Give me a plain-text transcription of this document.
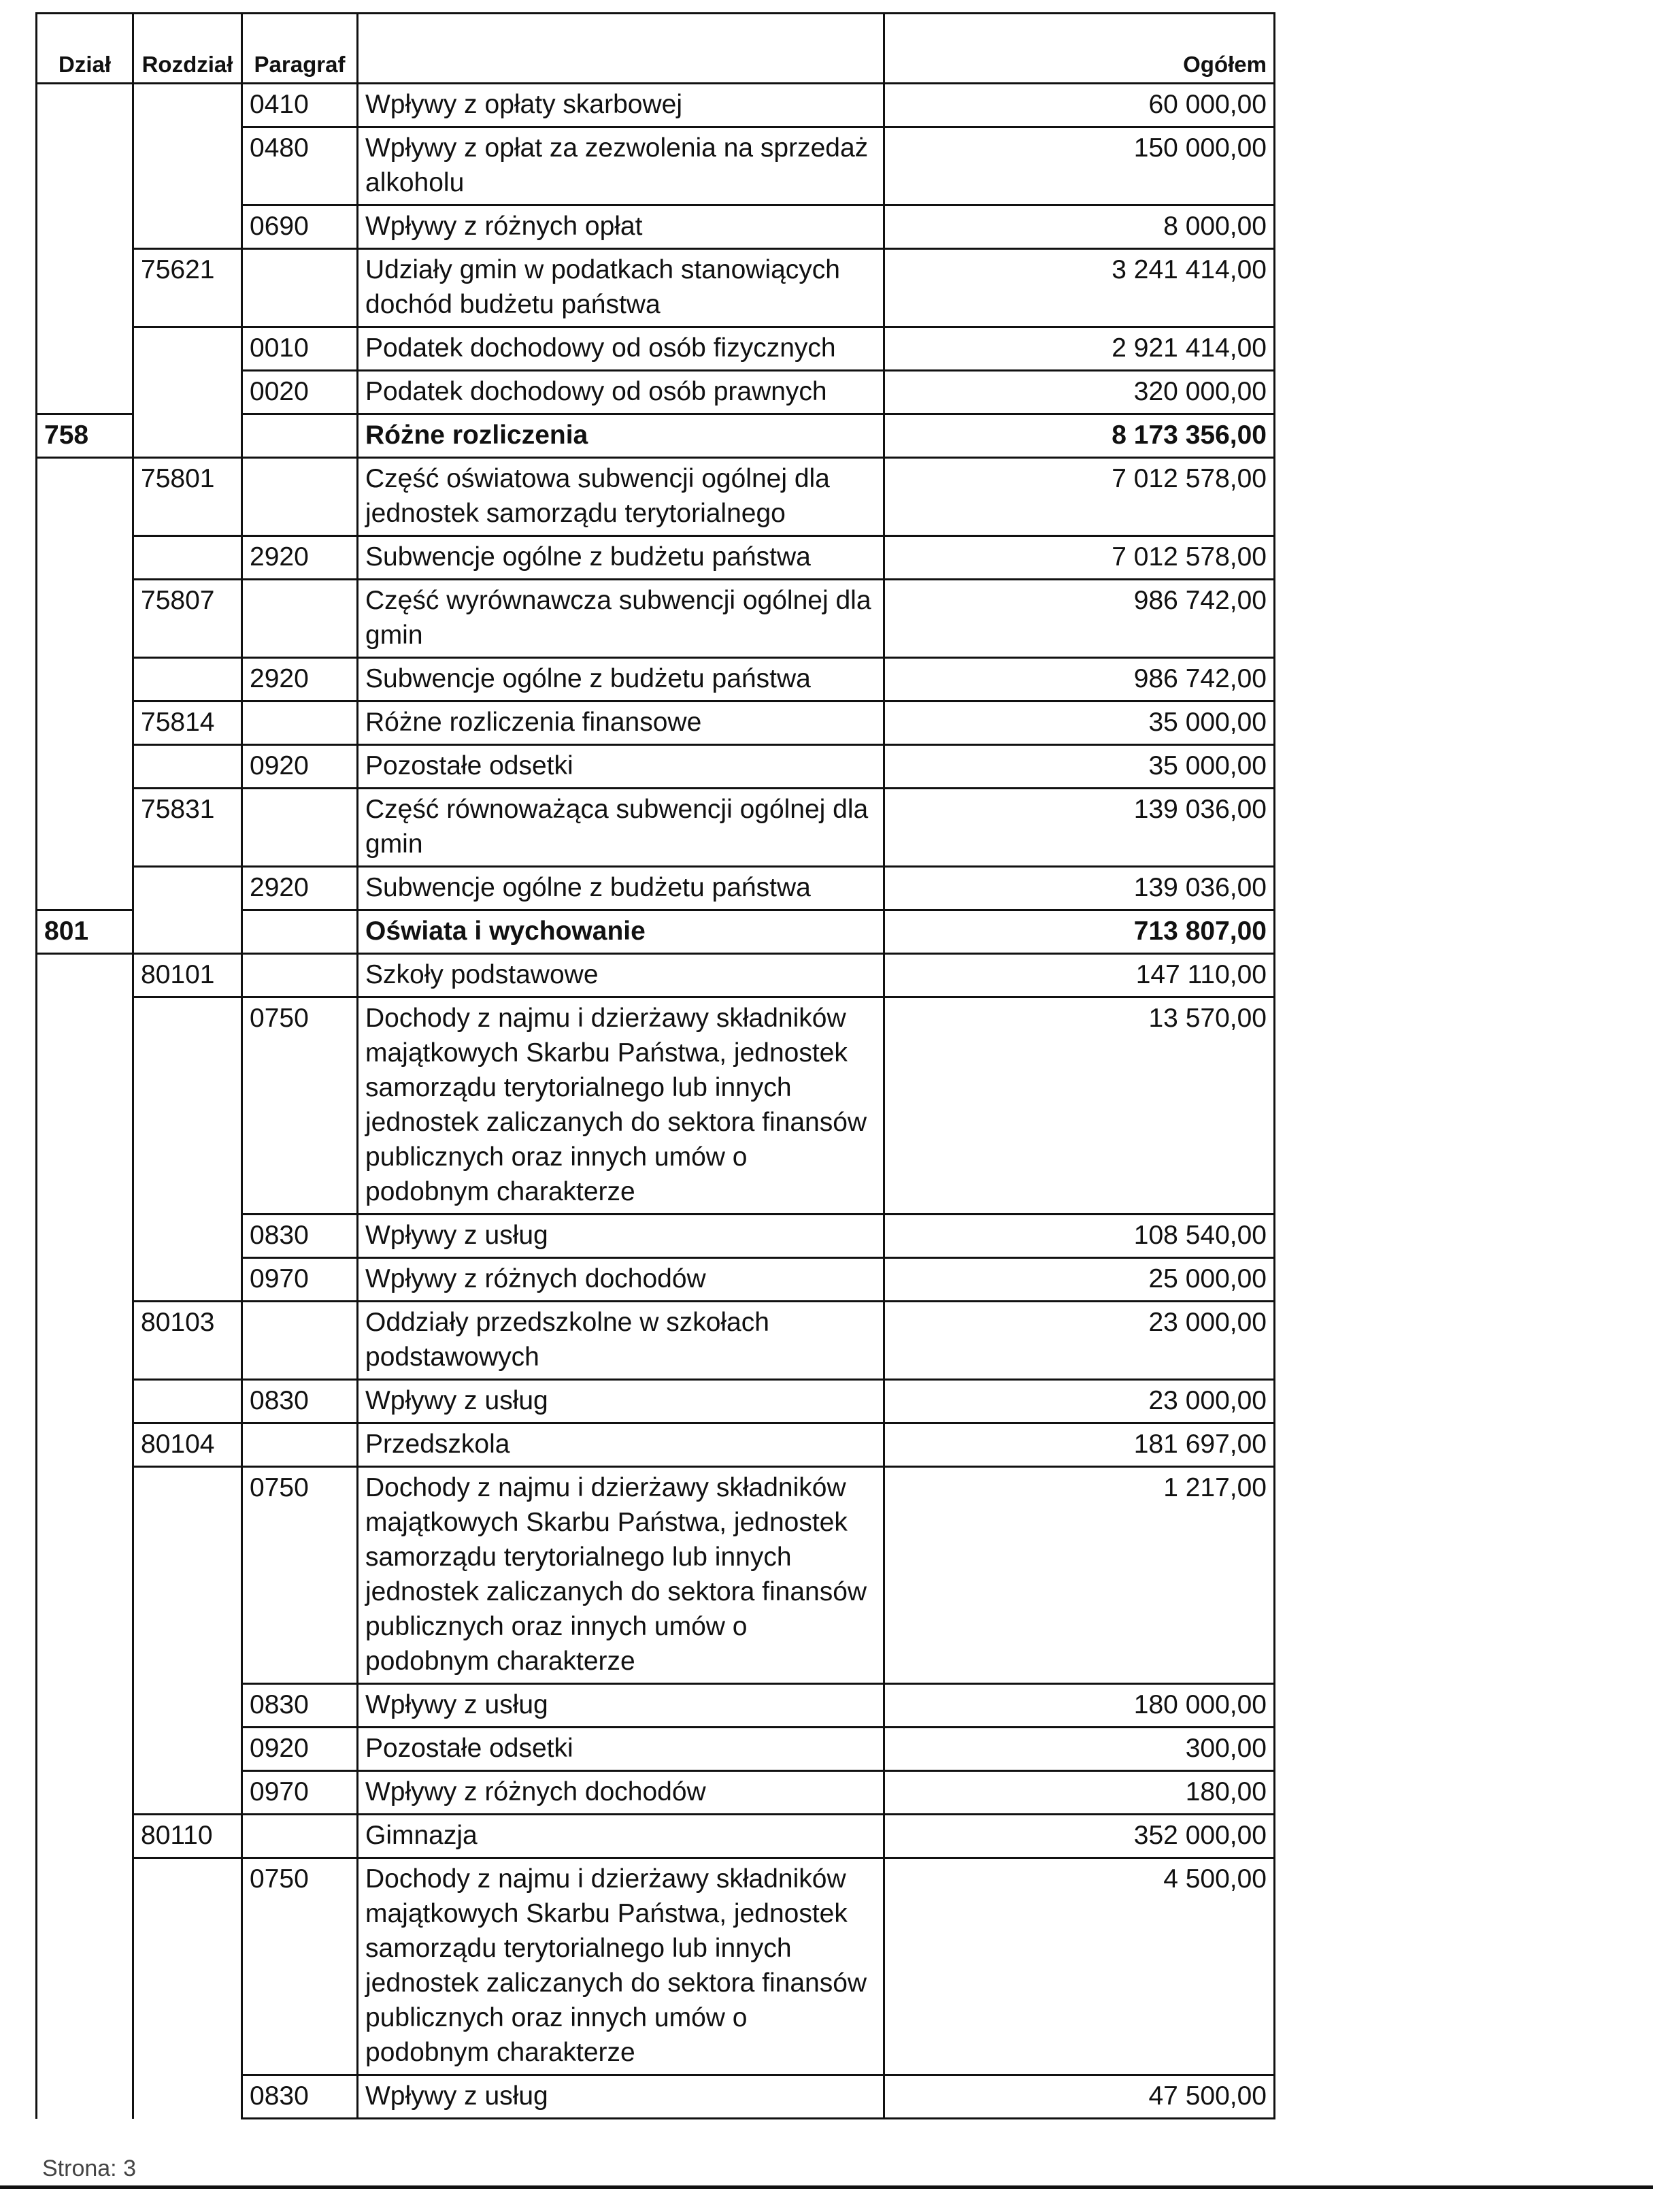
Dział	Rozdział	Paragraf		Ogółem
		0410	Wpływy z opłaty skarbowej	60 000,00
		0480	Wpływy z opłat za zezwolenia na sprzedaż alkoholu	150 000,00
		0690	Wpływy z różnych opłat	8 000,00
	75621		Udziały gmin w podatkach stanowiących dochód budżetu państwa	3 241 414,00
		0010	Podatek dochodowy od osób fizycznych	2 921 414,00
		0020	Podatek dochodowy od osób prawnych	320 000,00
758			Różne rozliczenia	8 173 356,00
	75801		Część oświatowa subwencji ogólnej dla jednostek samorządu terytorialnego	7 012 578,00
		2920	Subwencje ogólne z budżetu państwa	7 012 578,00
	75807		Część wyrównawcza subwencji ogólnej dla gmin	986 742,00
		2920	Subwencje ogólne z budżetu państwa	986 742,00
	75814		Różne rozliczenia finansowe	35 000,00
		0920	Pozostałe odsetki	35 000,00
	75831		Część równoważąca subwencji ogólnej dla gmin	139 036,00
		2920	Subwencje ogólne z budżetu państwa	139 036,00
801			Oświata i wychowanie	713 807,00
	80101		Szkoły podstawowe	147 110,00
		0750	Dochody z najmu i dzierżawy składników majątkowych Skarbu Państwa, jednostek samorządu terytorialnego lub innych jednostek zaliczanych do sektora finansów publicznych oraz innych umów o podobnym charakterze	13 570,00
		0830	Wpływy z usług	108 540,00
		0970	Wpływy z różnych dochodów	25 000,00
	80103		Oddziały przedszkolne w szkołach podstawowych	23 000,00
		0830	Wpływy z usług	23 000,00
	80104		Przedszkola	181 697,00
		0750	Dochody z najmu i dzierżawy składników majątkowych Skarbu Państwa, jednostek samorządu terytorialnego lub innych jednostek zaliczanych do sektora finansów publicznych oraz innych umów o podobnym charakterze	1 217,00
		0830	Wpływy z usług	180 000,00
		0920	Pozostałe odsetki	300,00
		0970	Wpływy z różnych dochodów	180,00
	80110		Gimnazja	352 000,00
		0750	Dochody z najmu i dzierżawy składników majątkowych Skarbu Państwa, jednostek samorządu terytorialnego lub innych jednostek zaliczanych do sektora finansów publicznych oraz innych umów o podobnym charakterze	4 500,00
		0830	Wpływy z usług	47 500,00
Strona: 3
